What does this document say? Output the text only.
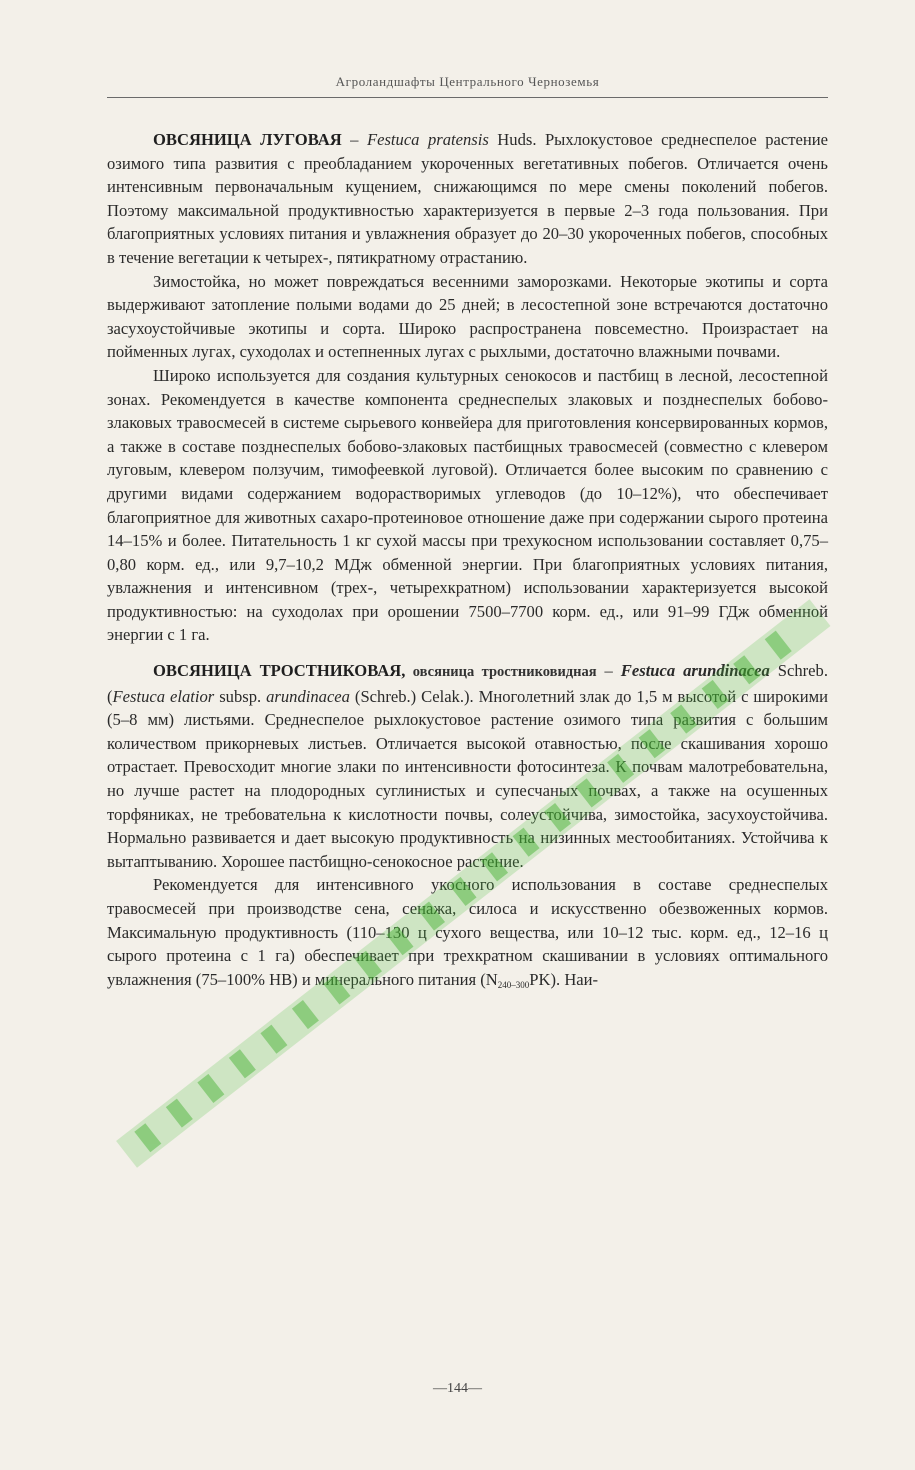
Агроландшафты Центрального Черноземья

ОВСЯНИЦА ЛУГОВАЯ – Festuca pratensis Huds. Рыхлокустовое среднеспелое растение озимого типа развития с преобладанием укороченных вегетативных побегов. Отличается очень интенсивным первоначальным кущением, снижающимся по мере смены поколений побегов. Поэтому максимальной продуктивностью характеризуется в первые 2–3 года пользования. При благоприятных условиях питания и увлажнения образует до 20–30 укороченных побегов, способных в течение вегетации к четырех-, пятикратному отрастанию.

Зимостойка, но может повреждаться весенними заморозками. Некоторые экотипы и сорта выдерживают затопление полыми водами до 25 дней; в лесостепной зоне встречаются достаточно засухоустойчивые экотипы и сорта. Широко распространена повсеместно. Произрастает на пойменных лугах, суходолах и остепненных лугах с рыхлыми, достаточно влажными почвами.

Широко используется для создания культурных сенокосов и пастбищ в лесной, лесостепной зонах. Рекомендуется в качестве компонента среднеспелых злаковых и позднеспелых бобово-злаковых травосмесей в системе сырьевого конвейера для приготовления консервированных кормов, а также в составе позднеспелых бобово-злаковых пастбищных травосмесей (совместно с клевером луговым, клевером ползучим, тимофеевкой луговой). Отличается более высоким по сравнению с другими видами содержанием водорастворимых углеводов (до 10–12%), что обеспечивает благоприятное для животных сахаро-протеиновое отношение даже при содержании сырого протеина 14–15% и более. Питательность 1 кг сухой массы при трехукосном использовании составляет 0,75–0,80 корм. ед., или 9,7–10,2 МДж обменной энергии. При благоприятных условиях питания, увлажнения и интенсивном (трех-, четырехкратном) использовании характеризуется высокой продуктивностью: на суходолах при орошении 7500–7700 корм. ед., или 91–99 ГДж обменной энергии с 1 га.

ОВСЯНИЦА ТРОСТНИКОВАЯ, овсяница тростниковидная – Festuca arundinacea Schreb. (Festuca elatior subsp. arundinacea (Schreb.) Celak.). Многолетний злак до 1,5 м высотой с широкими (5–8 мм) листьями. Среднеспелое рыхлокустовое растение озимого типа развития с большим количеством прикорневых листьев. Отличается высокой отавностью, после скашивания хорошо отрастает. Превосходит многие злаки по интенсивности фотосинтеза. К почвам малотребовательна, но лучше растет на плодородных суглинистых и супесчаных почвах, а также на осушенных торфяниках, не требовательна к кислотности почвы, солеустойчива, зимостойка, засухоустойчива. Нормально развивается и дает высокую продуктивность на низинных местообитаниях. Устойчива к вытаптыванию. Хорошее пастбищно-сенокосное растение.

Рекомендуется для интенсивного укосного использования в составе среднеспелых травосмесей при производстве сена, сенажа, силоса и искусственно обезвоженных кормов. Максимальную продуктивность (110–130 ц сухого вещества, или 10–12 тыс. корм. ед., 12–16 ц сырого протеина с 1 га) обеспечивает при трехкратном скашивании в условиях оптимального увлажнения (75–100% НВ) и минерального питания $(N_{240-300}PK)$. Наи-

—144—
